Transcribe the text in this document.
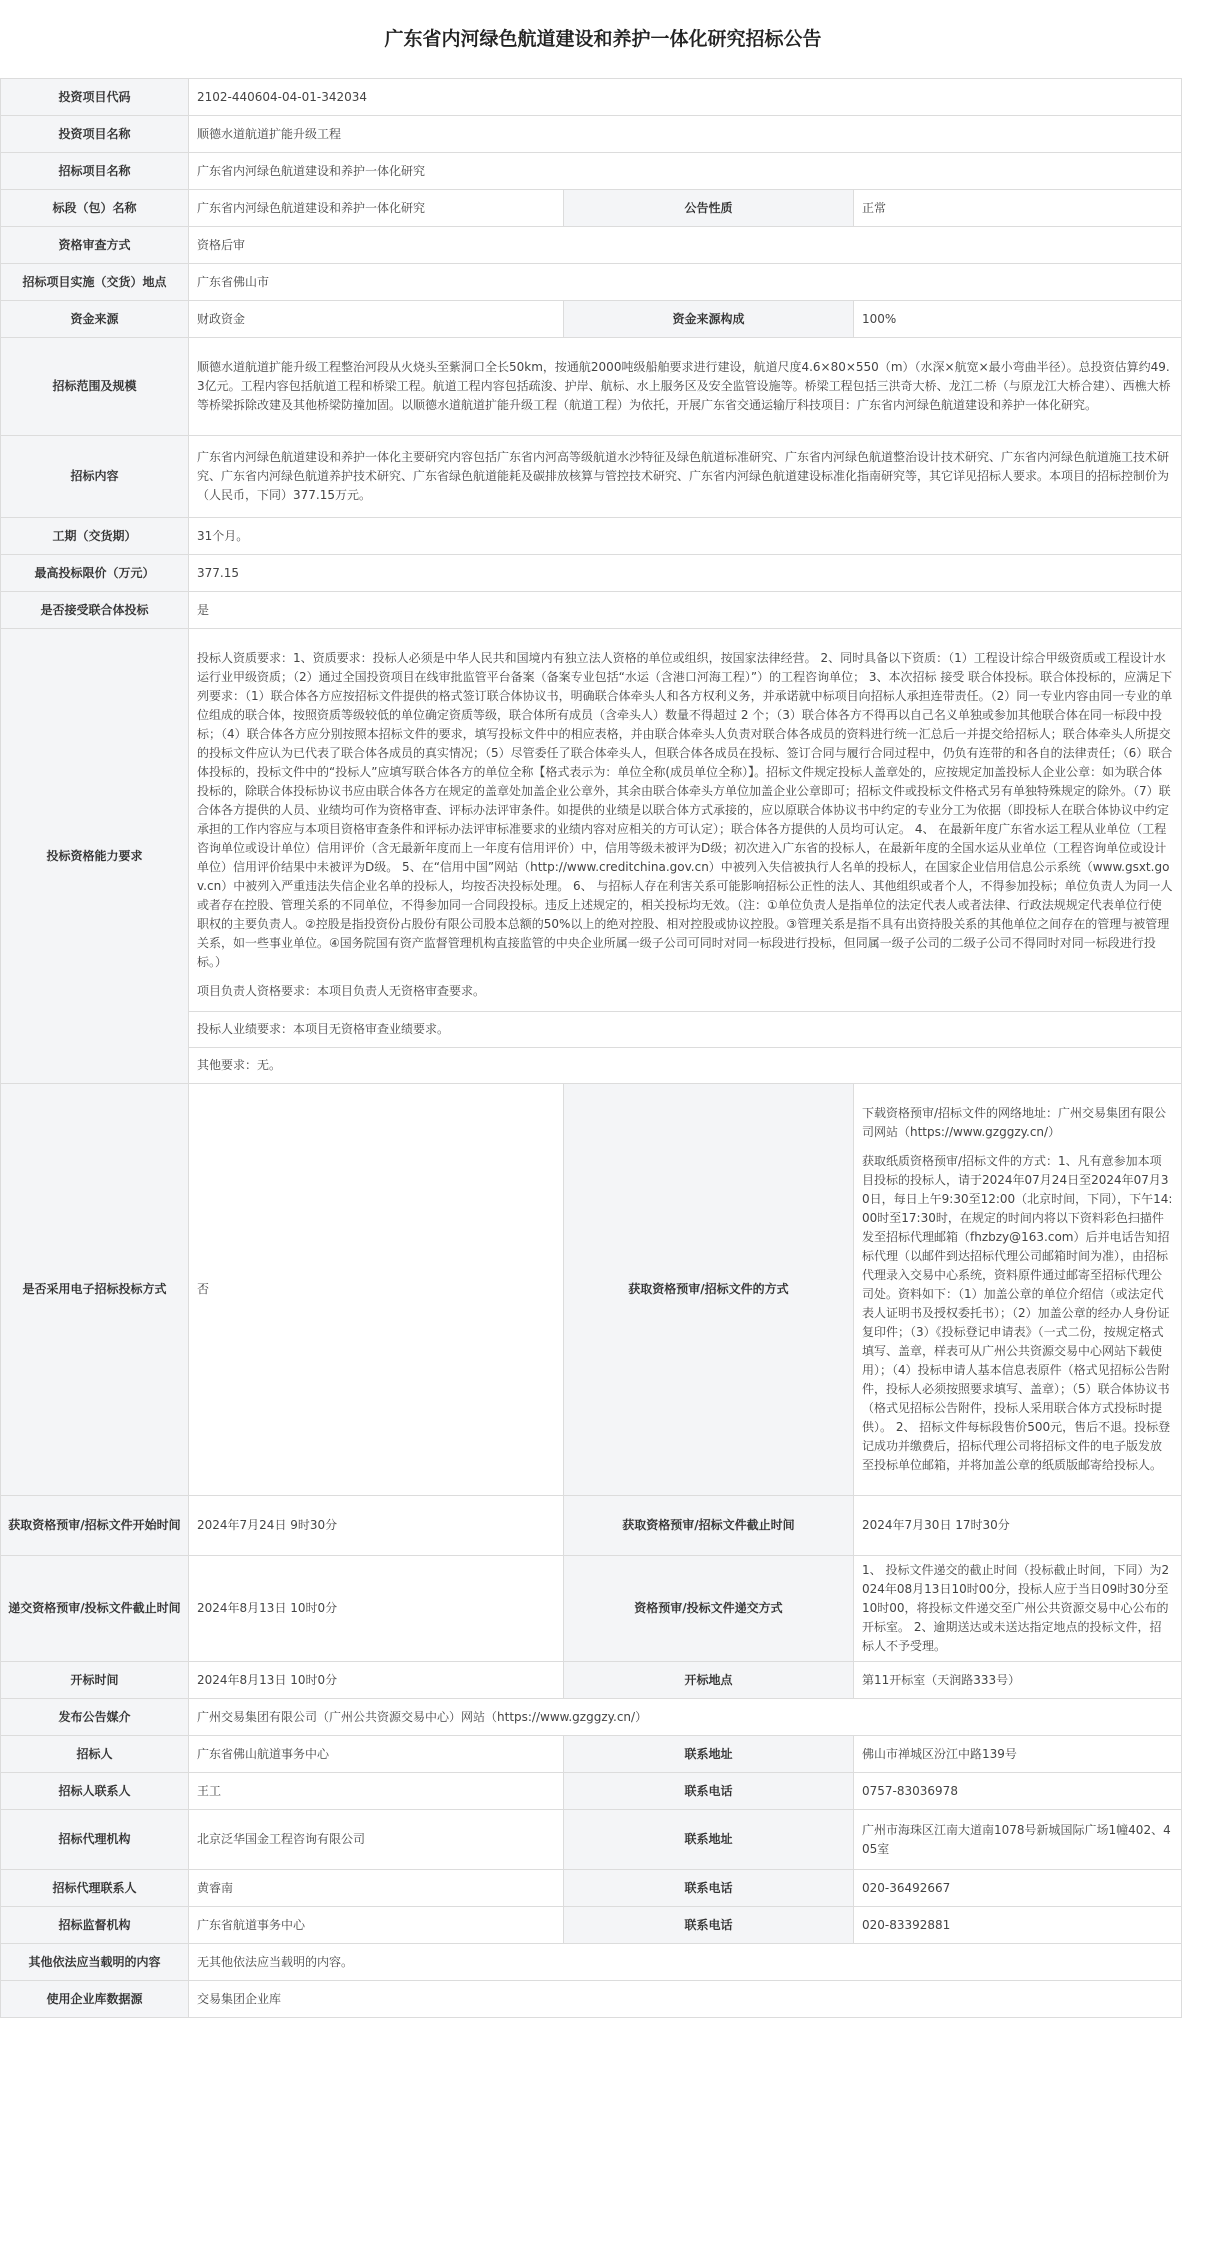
广东省内河绿色航道建设和养护一体化研究招标公告
投资项目代码	2102-440604-04-01-342034		
投资项目名称	顺德水道航道扩能升级工程		
招标项目名称	广东省内河绿色航道建设和养护一体化研究		
标段（包）名称	广东省内河绿色航道建设和养护一体化研究	公告性质	正常
资格审查方式	资格后审		
招标项目实施（交货）地点	广东省佛山市		
资金来源	财政资金	资金来源构成	100%
招标范围及规模	顺德水道航道扩能升级工程整治河段从火烧头至紫洞口全长50km，按通航2000吨级船舶要求进行建设，航道尺度4.6×80×550（m）（水深×航宽×最小弯曲半径）。总投资估算约49.3亿元。工程内容包括航道工程和桥梁工程。航道工程内容包括疏浚、护岸、航标、水上服务区及安全监管设施等。桥梁工程包括三洪奇大桥、龙江二桥（与原龙江大桥合建）、西樵大桥等桥梁拆除改建及其他桥梁防撞加固。以顺德水道航道扩能升级工程（航道工程）为依托，开展广东省交通运输厅科技项目：广东省内河绿色航道建设和养护一体化研究。		
招标内容	广东省内河绿色航道建设和养护一体化主要研究内容包括广东省内河高等级航道水沙特征及绿色航道标准研究、广东省内河绿色航道整治设计技术研究、广东省内河绿色航道施工技术研究、广东省内河绿色航道养护技术研究、广东省绿色航道能耗及碳排放核算与管控技术研究、广东省内河绿色航道建设标准化指南研究等，其它详见招标人要求。本项目的招标控制价为（人民币，下同）377.15万元。		
工期（交货期）	31个月。		
最高投标限价（万元）	377.15		
是否接受联合体投标	是		
投标资格能力要求	投标人资质要求：1、资质要求：投标人必须是中华人民共和国境内有独立法人资格的单位或组织，按国家法律经营。 2、同时具备以下资质：（1）工程设计综合甲级资质或工程设计水运行业甲级资质；（2）通过全国投资项目在线审批监管平台备案（备案专业包括“水运（含港口河海工程）”）的工程咨询单位； 3、本次招标 接受 联合体投标。联合体投标的，应满足下列要求：（1）联合体各方应按招标文件提供的格式签订联合体协议书，明确联合体牵头人和各方权利义务，并承诺就中标项目向招标人承担连带责任。（2）同一专业内容由同一专业的单位组成的联合体，按照资质等级较低的单位确定资质等级，联合体所有成员（含牵头人）数量不得超过 2 个；（3）联合体各方不得再以自己名义单独或参加其他联合体在同一标段中投标；（4）联合体各方应分别按照本招标文件的要求，填写投标文件中的相应表格，并由联合体牵头人负责对联合体各成员的资料进行统一汇总后一并提交给招标人；联合体牵头人所提交的投标文件应认为已代表了联合体各成员的真实情况；（5）尽管委任了联合体牵头人，但联合体各成员在投标、签订合同与履行合同过程中，仍负有连带的和各自的法律责任；（6）联合体投标的，投标文件中的“投标人”应填写联合体各方的单位全称【格式表示为：单位全称(成员单位全称）】。招标文件规定投标人盖章处的，应按规定加盖投标人企业公章：如为联合体投标的，除联合体投标协议书应由联合体各方在规定的盖章处加盖企业公章外，其余由联合体牵头方单位加盖企业公章即可；招标文件或投标文件格式另有单独特殊规定的除外。（7）联合体各方提供的人员、业绩均可作为资格审查、评标办法评审条件。如提供的业绩是以联合体方式承接的，应以原联合体协议书中约定的专业分工为依据（即投标人在联合体协议中约定承担的工作内容应与本项目资格审查条件和评标办法评审标准要求的业绩内容对应相关的方可认定）；联合体各方提供的人员均可认定。 4、 在最新年度广东省水运工程从业单位（工程咨询单位或设计单位）信用评价（含无最新年度而上一年度有信用评价）中，信用等级未被评为D级；初次进入广东省的投标人，在最新年度的全国水运从业单位（工程咨询单位或设计单位）信用评价结果中未被评为D级。 5、在“信用中国”网站（http://www.creditchina.gov.cn）中被列入失信被执行人名单的投标人，在国家企业信用信息公示系统（www.gsxt.gov.cn）中被列入严重违法失信企业名单的投标人，均按否决投标处理。 6、 与招标人存在利害关系可能影响招标公正性的法人、其他组织或者个人，不得参加投标；单位负责人为同一人或者存在控股、管理关系的不同单位，不得参加同一合同段投标。违反上述规定的，相关投标均无效。（注：①单位负责人是指单位的法定代表人或者法律、行政法规规定代表单位行使职权的主要负责人。②控股是指投资份占股份有限公司股本总额的50%以上的绝对控股、相对控股或协议控股。③管理关系是指不具有出资持股关系的其他单位之间存在的管理与被管理关系，如一些事业单位。④国务院国有资产监督管理机构直接监管的中央企业所属一级子公司可同时对同一标段进行投标，但同属一级子公司的二级子公司不得同时对同一标段进行投标。）

项目负责人资格要求：本项目负责人无资格审查要求。		

	投标人业绩要求：本项目无资格审查业绩要求。		
	其他要求：无。		
是否采用电子招标投标方式	否	获取资格预审/招标文件的方式	下载资格预审/招标文件的网络地址：广州交易集团有限公司网站（https://www.gzggzy.cn/）

获取纸质资格预审/招标文件的方式：1、凡有意参加本项目投标的投标人，请于2024年07月24日至2024年07月30日，每日上午9:30至12:00（北京时间，下同），下午14:00时至17:30时，在规定的时间内将以下资料彩色扫描件发至招标代理邮箱（fhzbzy@163.com）后并电话告知招标代理（以邮件到达招标代理公司邮箱时间为准），由招标代理录入交易中心系统，资料原件通过邮寄至招标代理公司处。资料如下：（1）加盖公章的单位介绍信（或法定代表人证明书及授权委托书）；（2）加盖公章的经办人身份证复印件；（3）《投标登记申请表》（一式二份，按规定格式填写、盖章，样表可从广州公共资源交易中心网站下载使用）；（4）投标申请人基本信息表原件（格式见招标公告附件，投标人必须按照要求填写、盖章）；（5）联合体协议书（格式见招标公告附件，投标人采用联合体方式投标时提供）。 2、 招标文件每标段售价500元，售后不退。投标登记成功并缴费后，招标代理公司将招标文件的电子版发放至投标单位邮箱，并将加盖公章的纸质版邮寄给投标人。

获取资格预审/招标文件开始时间	2024年7月24日 9时30分	获取资格预审/招标文件截止时间	2024年7月30日 17时30分
递交资格预审/投标文件截止时间	2024年8月13日 10时0分	资格预审/投标文件递交方式	1、 投标文件递交的截止时间（投标截止时间，下同）为2024年08月13日10时00分，投标人应于当日09时30分至10时00，将投标文件递交至广州公共资源交易中心公布的开标室。 2、逾期送达或未送达指定地点的投标文件，招标人不予受理。
开标时间	2024年8月13日 10时0分	开标地点	第11开标室（天润路333号）
发布公告媒介	广州交易集团有限公司（广州公共资源交易中心）网站（https://www.gzggzy.cn/）		
招标人	广东省佛山航道事务中心	联系地址	佛山市禅城区汾江中路139号
招标人联系人	王工	联系电话	0757-83036978
招标代理机构	北京泛华国金工程咨询有限公司	联系地址	广州市海珠区江南大道南1078号新城国际广场1幢402、405室
招标代理联系人	黄睿南	联系电话	020-36492667
招标监督机构	广东省航道事务中心	联系电话	020-83392881
其他依法应当载明的内容	无其他依法应当载明的内容。		
使用企业库数据源	交易集团企业库		
